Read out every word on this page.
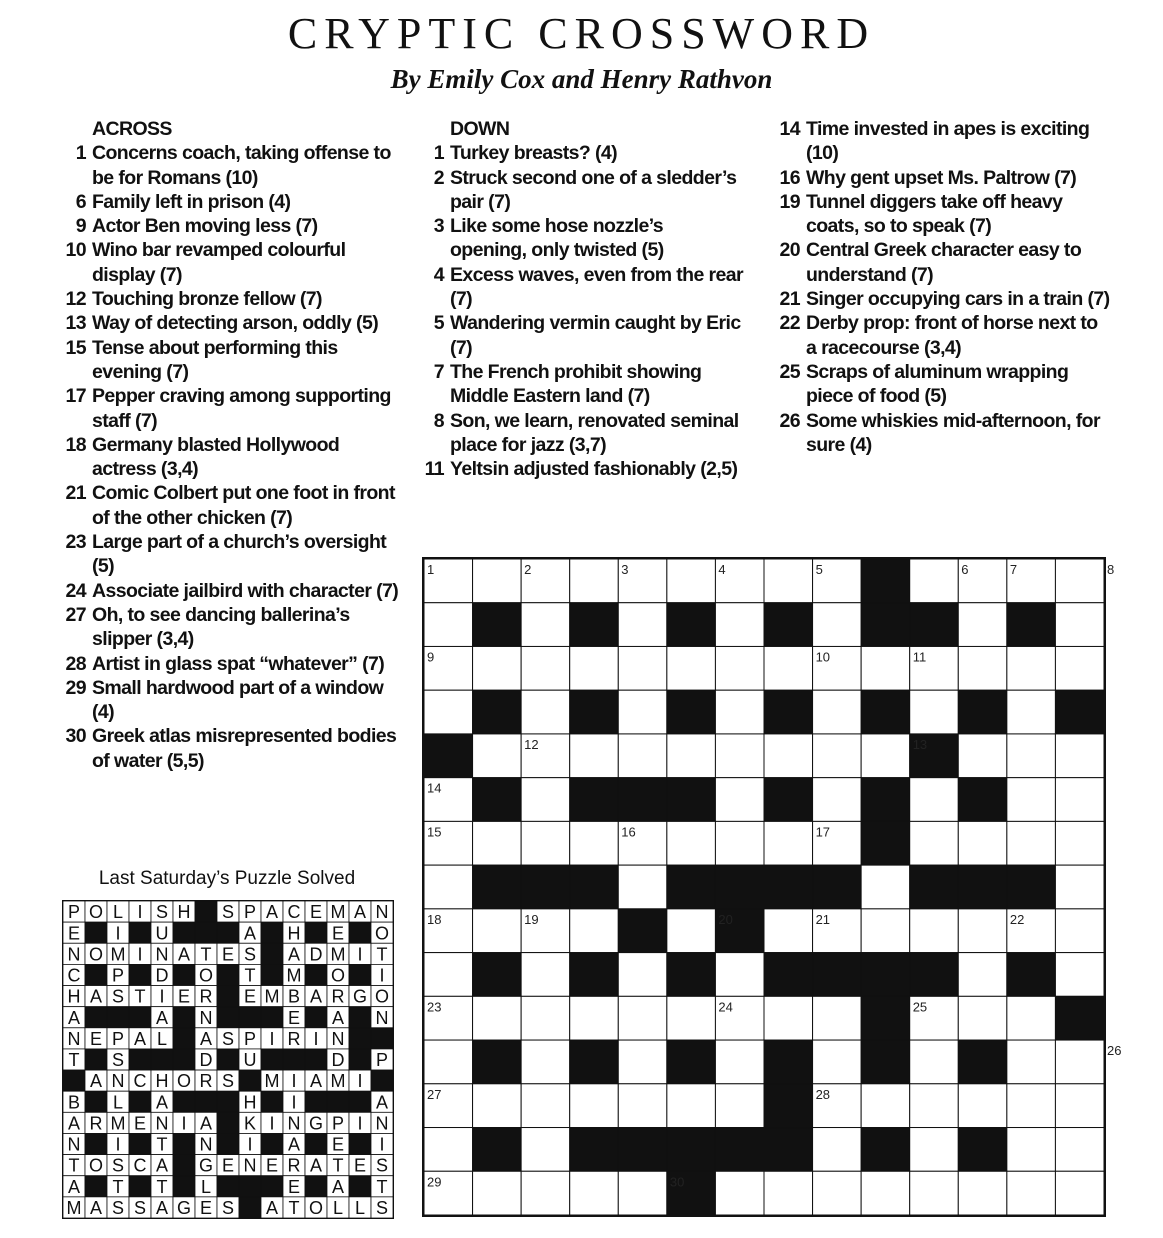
CRYPTIC CROSSWORD
By Emily Cox and Henry Rathvon
ACROSS
1 Concerns coach, taking offense to be for Romans (10)
6 Family left in prison (4)
9 Actor Ben moving less (7)
10 Wino bar revamped colourful display (7)
12 Touching bronze fellow (7)
13 Way of detecting arson, oddly (5)
15 Tense about performing this evening (7)
17 Pepper craving among supporting staff (7)
18 Germany blasted Hollywood actress (3,4)
21 Comic Colbert put one foot in front of the other chicken (7)
23 Large part of a church’s oversight (5)
24 Associate jailbird with character (7)
27 Oh, to see dancing ballerina’s slipper (3,4)
28 Artist in glass spat “whatever” (7)
29 Small hardwood part of a window (4)
30 Greek atlas misrepresented bodies of water (5,5)
DOWN
1 Turkey breasts? (4)
2 Struck second one of a sledder’s pair (7)
3 Like some hose nozzle’s opening, only twisted (5)
4 Excess waves, even from the rear (7)
5 Wandering vermin caught by Eric (7)
7 The French prohibit showing Middle Eastern land (7)
8 Son, we learn, renovated seminal place for jazz (3,7)
11 Yeltsin adjusted fashionably (2,5)
14 Time invested in apes is exciting (10)
16 Why gent upset Ms. Paltrow (7)
19 Tunnel diggers take off heavy coats, so to speak (7)
20 Central Greek character easy to understand (7)
21 Singer occupying cars in a train (7)
22 Derby prop: front of horse next to a racecourse (3,4)
25 Scraps of aluminum wrapping piece of food (5)
26 Some whiskies mid-afternoon, for sure (4)
1	2	3	4	5	6	7	8
9	10	11
12	13
14
15	16	17
18	19	20	21	22
23	24	25
26
27	28
29	30
Last Saturday’s Puzzle Solved
P O L I S H S P A C E M A N
E I U	A H E O
N O M I N A T E S A D M I T
C P D O T M O I
H A S T I E R E M B A R G O
A	A N	E A N
N E P A L A S P I R I N
T S	D U	D P
A N C H O R S M I A M I
B L A	H I	A
A R M E N I A K I N G P I N
N I T N I A E I
T O S C A G E N E R A T E S
A T T L	E A T
M A S S A G E S A T O L L S
